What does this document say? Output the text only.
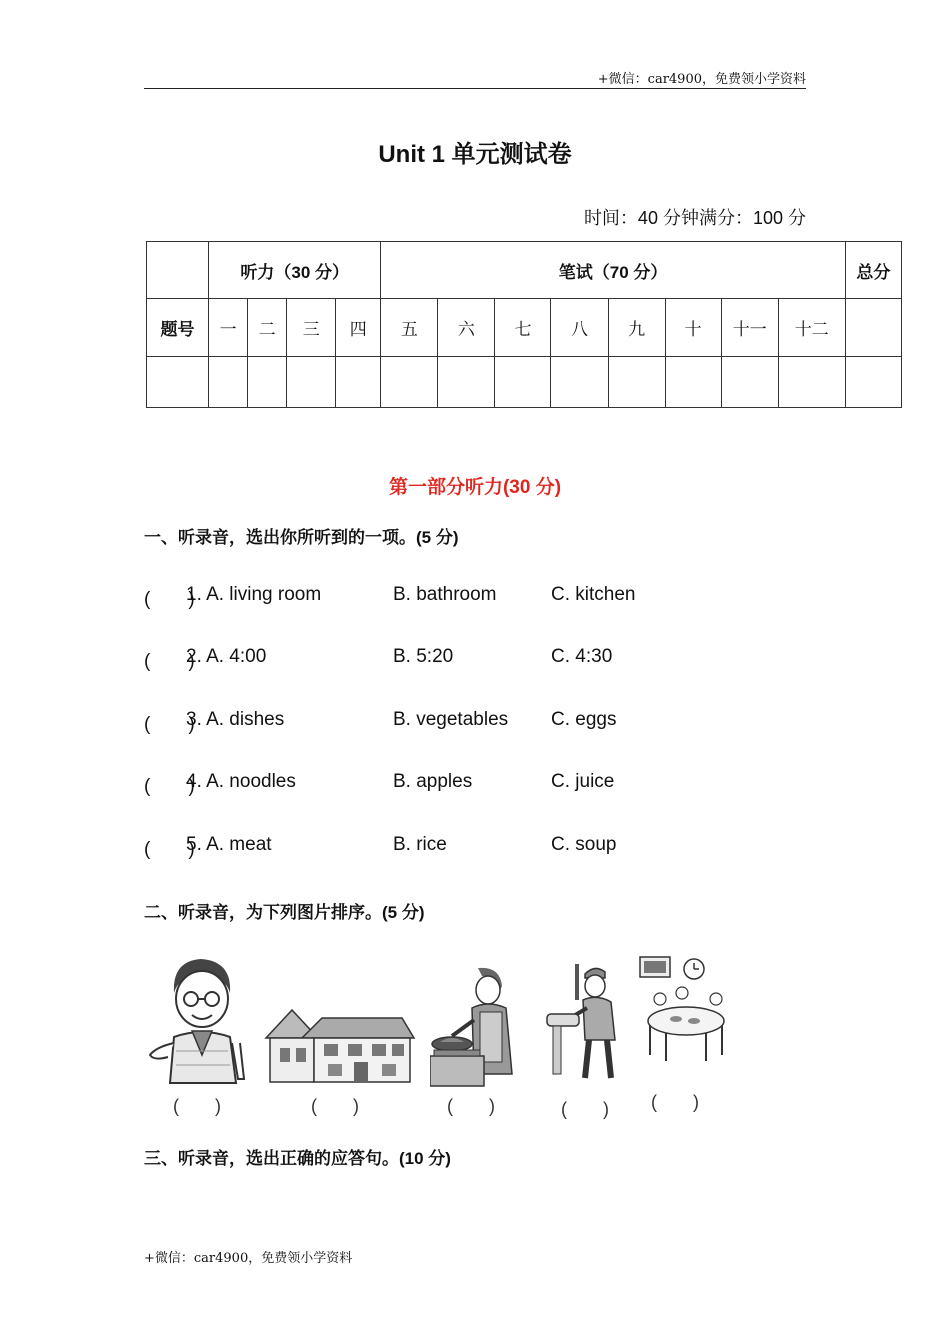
+微信：car4900，免费领小学资料
Unit 1 单元测试卷
时间：40 分钟满分：100 分
	听力（30 分）				笔试（70 分）								总分
题号	一	二	三	四	五	六	七	八	九	十	十一	十二	

第一部分听力(30 分)
一、听录音，选出你所听到的一项。(5 分)
(　　)
1. A. living room	B. bathroom	C. kitchen
(　　)
2. A. 4:00	B. 5:20	C. 4:30
(　　)
3. A. dishes	B. vegetables C. eggs
(　　)
4. A. noodles	B. apples	C. juice
(　　)
5. A. meat	B. rice	C. soup
二、听录音，为下列图片排序。(5 分)
(　　)	(　　)	(　　)	(　　) (　　)
三、听录音，选出正确的应答句。(10 分)
+微信：car4900，免费领小学资料
